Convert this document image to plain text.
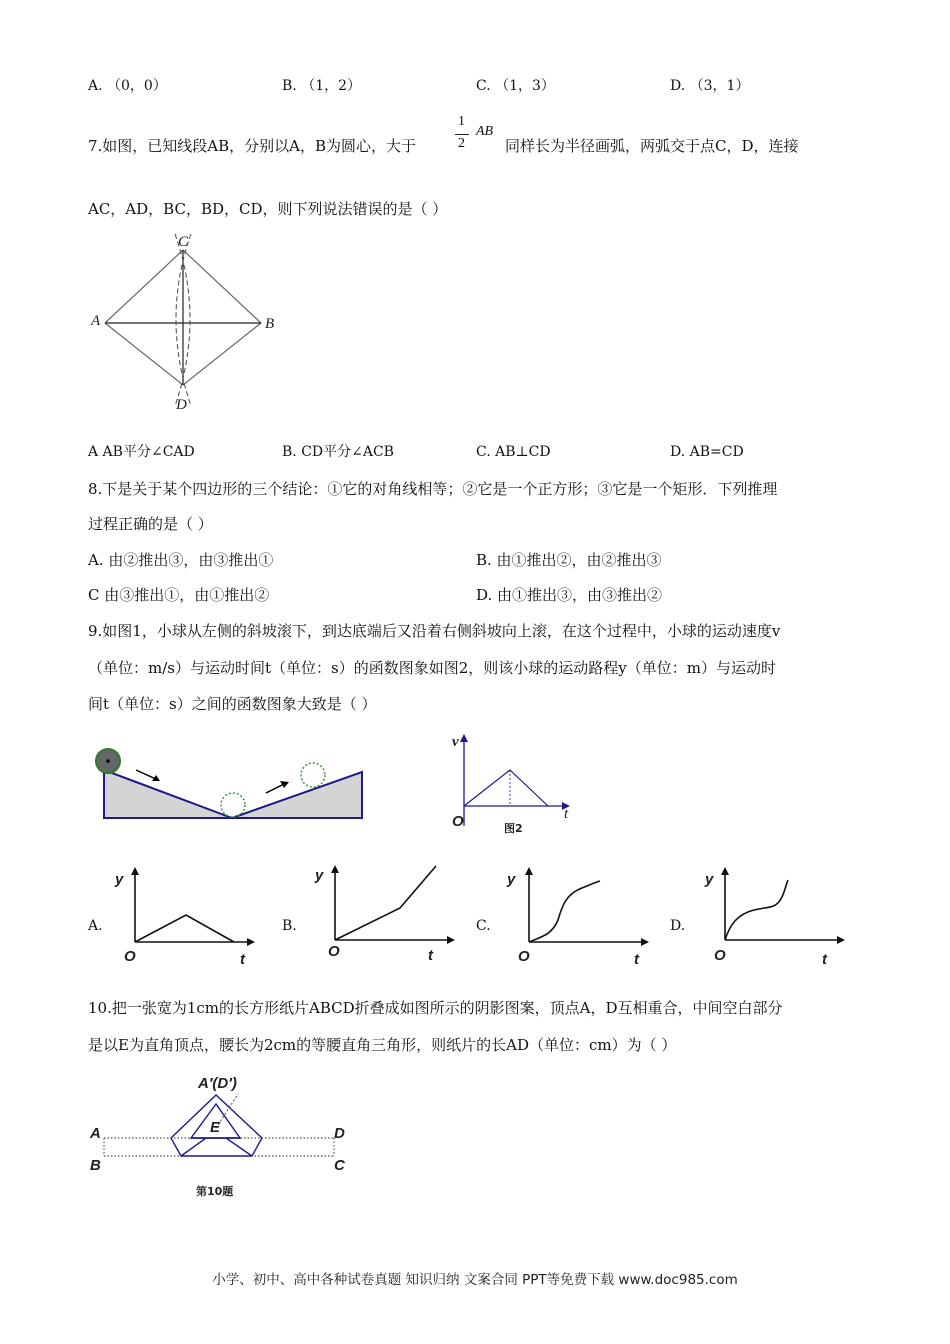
A. （0，0）	B. （1，2）	C. （1，3）	D. （3，1）
7.如图，已知线段AB，分别以A，B为圆心，大于
1
2
AB
同样长为半径画弧，两弧交于点C，D，连接
AC，AD，BC，BD，CD，则下列说法错误的是（ ）
A	B
C
D
A AB平分∠CAD	B. CD平分∠ACB	C. AB⊥CD	D. AB=CD
8.下是关于某个四边形的三个结论：①它的对角线相等；②它是一个正方形；③它是一个矩形．下列推理
过程正确的是（ ）
A. 由②推出③，由③推出①	B. 由①推出②，由②推出③
C 由③推出①，由①推出②	D. 由①推出③，由③推出②
9.如图1，小球从左侧的斜坡滚下，到达底端后又沿着右侧斜坡向上滚，在这个过程中，小球的运动速度v
（单位：m/s）与运动时间t（单位：s）的函数图象如图2，则该小球的运动路程y（单位：m）与运动时
间t（单位：s）之间的函数图象大致是（ ）
v
t
O	图2
A.	B.	C.	D.
y
t
O
y
t
O
y
t
O
y
t
O
10.把一张宽为1cm的长方形纸片ABCD折叠成如图所示的阴影图案，顶点A，D互相重合，中间空白部分
是以E为直角顶点，腰长为2cm的等腰直角三角形，则纸片的长AD（单位：cm）为（ ）
A′(D′)
E
A
B
D
C
第10题
小学、初中、高中各种试卷真题 知识归纳 文案合同 PPT等免费下载 www.doc985.com
